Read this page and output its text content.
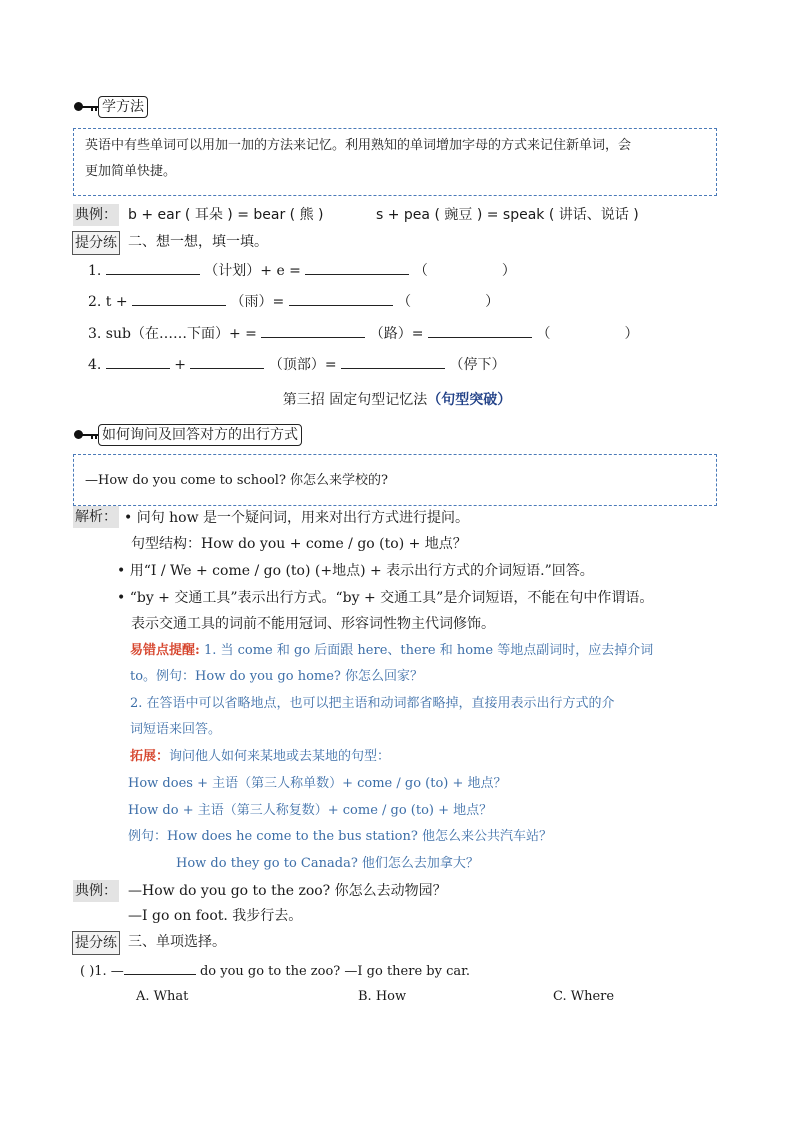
学方法
英语中有些单词可以用加一加的方法来记忆。利用熟知的单词增加字母的方式来记住新单词，会
更加简单快捷。
典例： b + ear ( 耳朵 ) = bear ( 熊 )	s + pea ( 豌豆 ) = speak ( 讲话、说话 )
提分练 二、想一想，填一填。
1.	（计划）+ e =	（	）
2. t +	（雨）=	（	）
3. sub（在……下面）+ =	（路）=	（	）
4.	+	（顶部）=	（停下）
第三招 固定句型记忆法（句型突破）
如何询问及回答对方的出行方式
—How do you come to school? 你怎么来学校的?
解析： • 问句 how 是一个疑问词，用来对出行方式进行提问。
句型结构：How do you + come / go (to) + 地点？
• 用“I / We + come / go (to) (+地点) + 表示出行方式的介词短语.”回答。
• “by + 交通工具”表示出行方式。“by + 交通工具”是介词短语，不能在句中作谓语。
表示交通工具的词前不能用冠词、形容词性物主代词修饰。
易错点提醒: 1. 当 come 和 go 后面跟 here、there 和 home 等地点副词时，应去掉介词
to。例句：How do you go home? 你怎么回家？
2. 在答语中可以省略地点，也可以把主语和动词都省略掉，直接用表示出行方式的介
词短语来回答。
拓展：询问他人如何来某地或去某地的句型：
How does + 主语（第三人称单数）+ come / go (to) + 地点？
How do + 主语（第三人称复数）+ come / go (to) + 地点？
例句：How does he come to the bus station? 他怎么来公共汽车站？
How do they go to Canada? 他们怎么去加拿大？
典例： —How do you go to the zoo? 你怎么去动物园？
—I go on foot. 我步行去。
提分练 三、单项选择。
( )1. —	do you go to the zoo? —I go there by car.
A. What	B. How	C. Where
